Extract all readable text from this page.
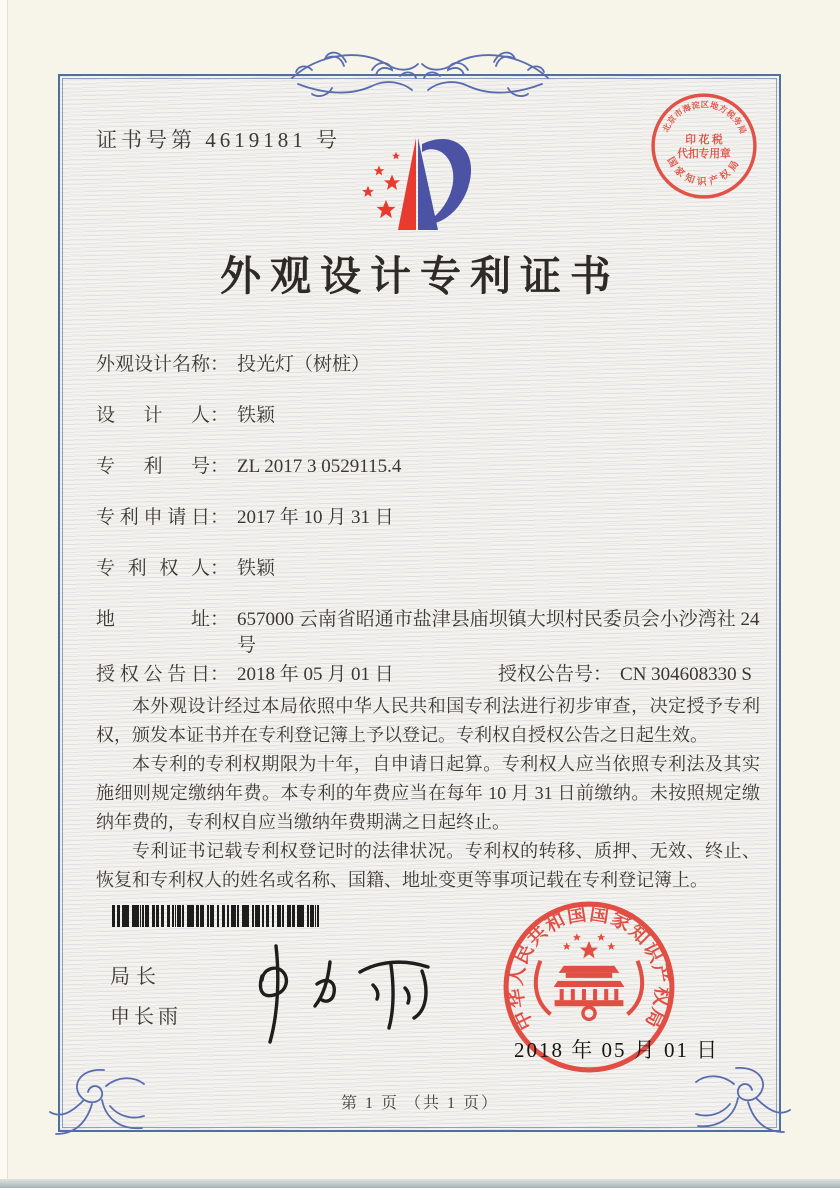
证书号第 4619181 号
北京市海淀区地方税务局
国家知识产权局
印 花 税
代扣专用章
外观设计专利证书
外观设计名称 ： 投光灯（树桩）
设计人 ： 铁颖
专利号 ： ZL 2017 3 0529115.4
专利申请日 ： 2017 年 10 月 31 日
专利权人 ： 铁颖
地址 ： 657000 云南省昭通市盐津县庙坝镇大坝村民委员会小沙湾社 24 号
授权公告日 ： 2018 年 05 月 01 日	授权公告号 ： CN 304608330 S

本外观设计经过本局依照中华人民共和国专利法进行初步审查，决定授予专利权，颁发本证书并在专利登记簿上予以登记。专利权自授权公告之日起生效。

本专利的专利权期限为十年，自申请日起算。专利权人应当依照专利法及其实施细则规定缴纳年费。本专利的年费应当在每年 10 月 31 日前缴纳。未按照规定缴纳年费的，专利权自应当缴纳年费期满之日起终止。

专利证书记载专利权登记时的法律状况。专利权的转移、质押、无效、终止、恢复和专利权人的姓名或名称、国籍、地址变更等事项记载在专利登记簿上。

局长
申长雨	中华人民共和国国家知识产权局
2018 年 05 月 01 日
第 1 页 （共 1 页）
